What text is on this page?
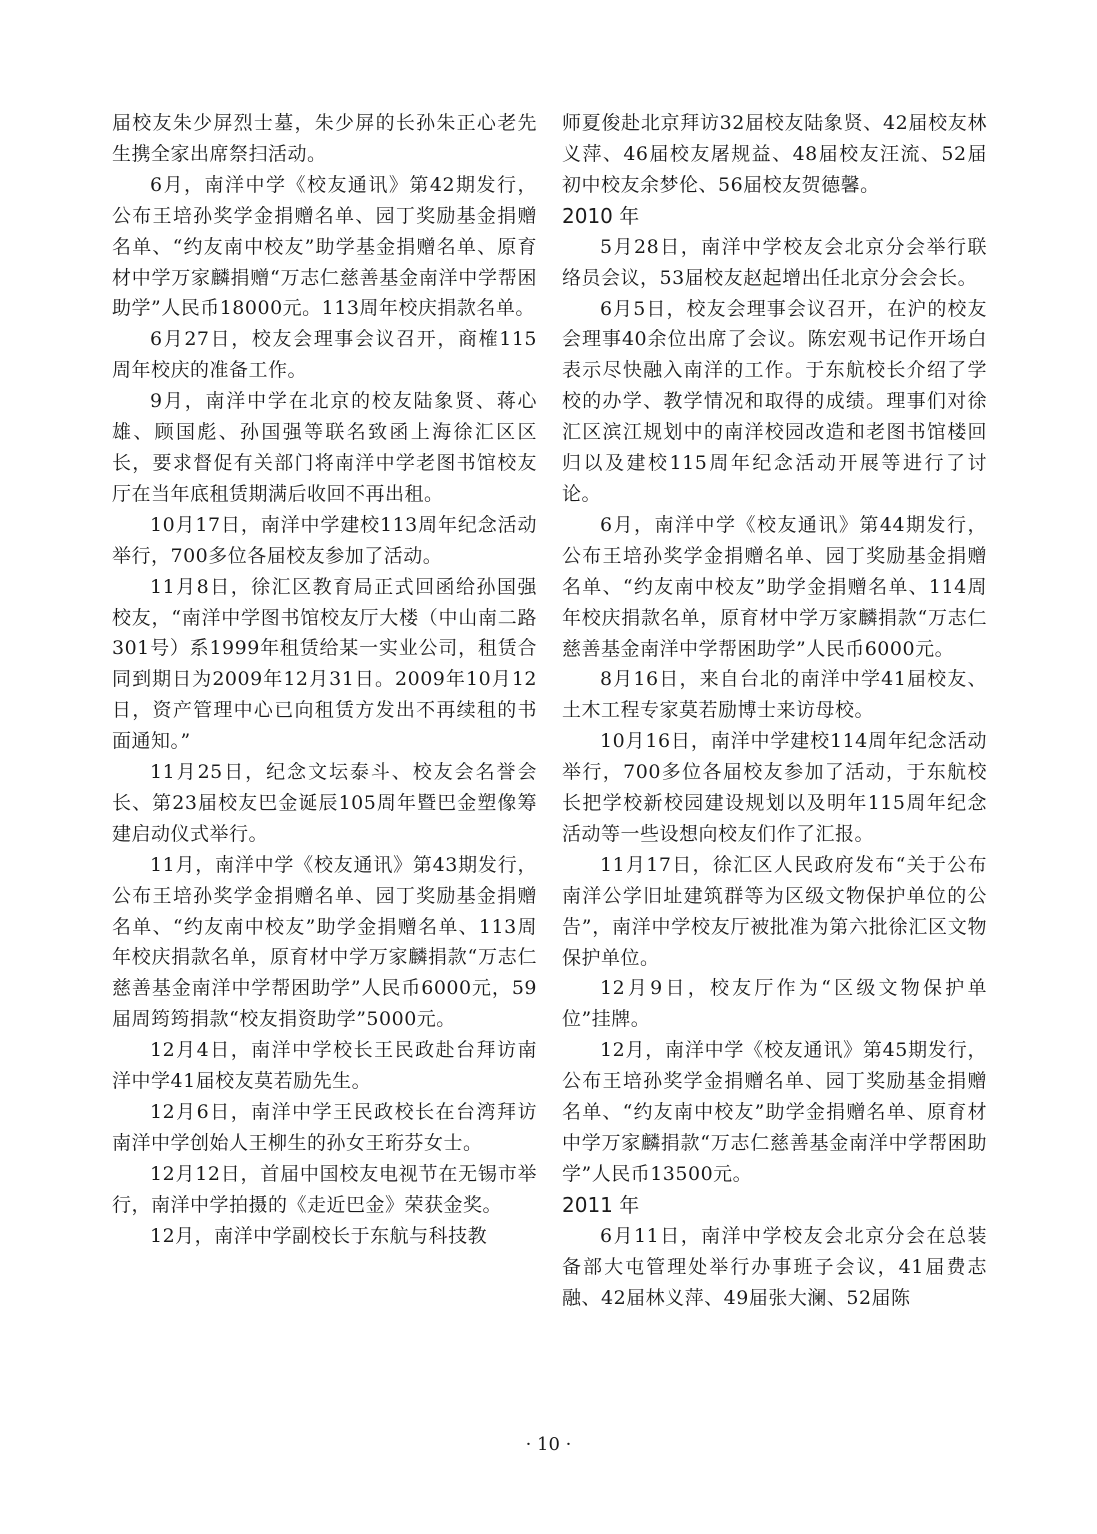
届校友朱少屏烈士墓，朱少屏的长孙朱正心老先生携全家出席祭扫活动。

6月，南洋中学《校友通讯》第42期发行，公布王培孙奖学金捐赠名单、园丁奖励基金捐赠名单、“约友南中校友”助学基金捐赠名单、原育材中学万家麟捐赠“万志仁慈善基金南洋中学帮困助学”人民币18000元。113周年校庆捐款名单。

6月27日，校友会理事会议召开，商榷115周年校庆的准备工作。

9月，南洋中学在北京的校友陆象贤、蒋心雄、顾国彪、孙国强等联名致函上海徐汇区区长，要求督促有关部门将南洋中学老图书馆校友厅在当年底租赁期满后收回不再出租。

10月17日，南洋中学建校113周年纪念活动举行，700多位各届校友参加了活动。

11月8日，徐汇区教育局正式回函给孙国强校友，“南洋中学图书馆校友厅大楼（中山南二路301号）系1999年租赁给某一实业公司，租赁合同到期日为2009年12月31日。2009年10月12日，资产管理中心已向租赁方发出不再续租的书面通知。”

11月25日，纪念文坛泰斗、校友会名誉会长、第23届校友巴金诞辰105周年暨巴金塑像筹建启动仪式举行。

11月，南洋中学《校友通讯》第43期发行，公布王培孙奖学金捐赠名单、园丁奖励基金捐赠名单、“约友南中校友”助学金捐赠名单、113周年校庆捐款名单，原育材中学万家麟捐款“万志仁慈善基金南洋中学帮困助学”人民币6000元，59届周筠筠捐款“校友捐资助学”5000元。

12月4日，南洋中学校长王民政赴台拜访南洋中学41届校友莫若励先生。

12月6日，南洋中学王民政校长在台湾拜访南洋中学创始人王柳生的孙女王珩芬女士。

12月12日，首届中国校友电视节在无锡市举行，南洋中学拍摄的《走近巴金》荣获金奖。

12月，南洋中学副校长于东航与科技教

师夏俊赴北京拜访32届校友陆象贤、42届校友林义萍、46届校友屠规益、48届校友汪流、52届初中校友余梦伦、56届校友贺德馨。

2010 年

5月28日，南洋中学校友会北京分会举行联络员会议，53届校友赵起增出任北京分会会长。

6月5日，校友会理事会议召开，在沪的校友会理事40余位出席了会议。陈宏观书记作开场白表示尽快融入南洋的工作。于东航校长介绍了学校的办学、教学情况和取得的成绩。理事们对徐汇区滨江规划中的南洋校园改造和老图书馆楼回归以及建校115周年纪念活动开展等进行了讨论。

6月，南洋中学《校友通讯》第44期发行，公布王培孙奖学金捐赠名单、园丁奖励基金捐赠名单、“约友南中校友”助学金捐赠名单、114周年校庆捐款名单，原育材中学万家麟捐款“万志仁慈善基金南洋中学帮困助学”人民币6000元。

8月16日，来自台北的南洋中学41届校友、土木工程专家莫若励博士来访母校。

10月16日，南洋中学建校114周年纪念活动举行，700多位各届校友参加了活动，于东航校长把学校新校园建设规划以及明年115周年纪念活动等一些设想向校友们作了汇报。

11月17日，徐汇区人民政府发布“关于公布南洋公学旧址建筑群等为区级文物保护单位的公告”，南洋中学校友厅被批准为第六批徐汇区文物保护单位。

12月9日，校友厅作为“区级文物保护单位”挂牌。

12月，南洋中学《校友通讯》第45期发行，公布王培孙奖学金捐赠名单、园丁奖励基金捐赠名单、“约友南中校友”助学金捐赠名单、原育材中学万家麟捐款“万志仁慈善基金南洋中学帮困助学”人民币13500元。

2011 年

6月11日，南洋中学校友会北京分会在总装备部大屯管理处举行办事班子会议，41届费志融、42届林义萍、49届张大澜、52届陈

· 10 ·
